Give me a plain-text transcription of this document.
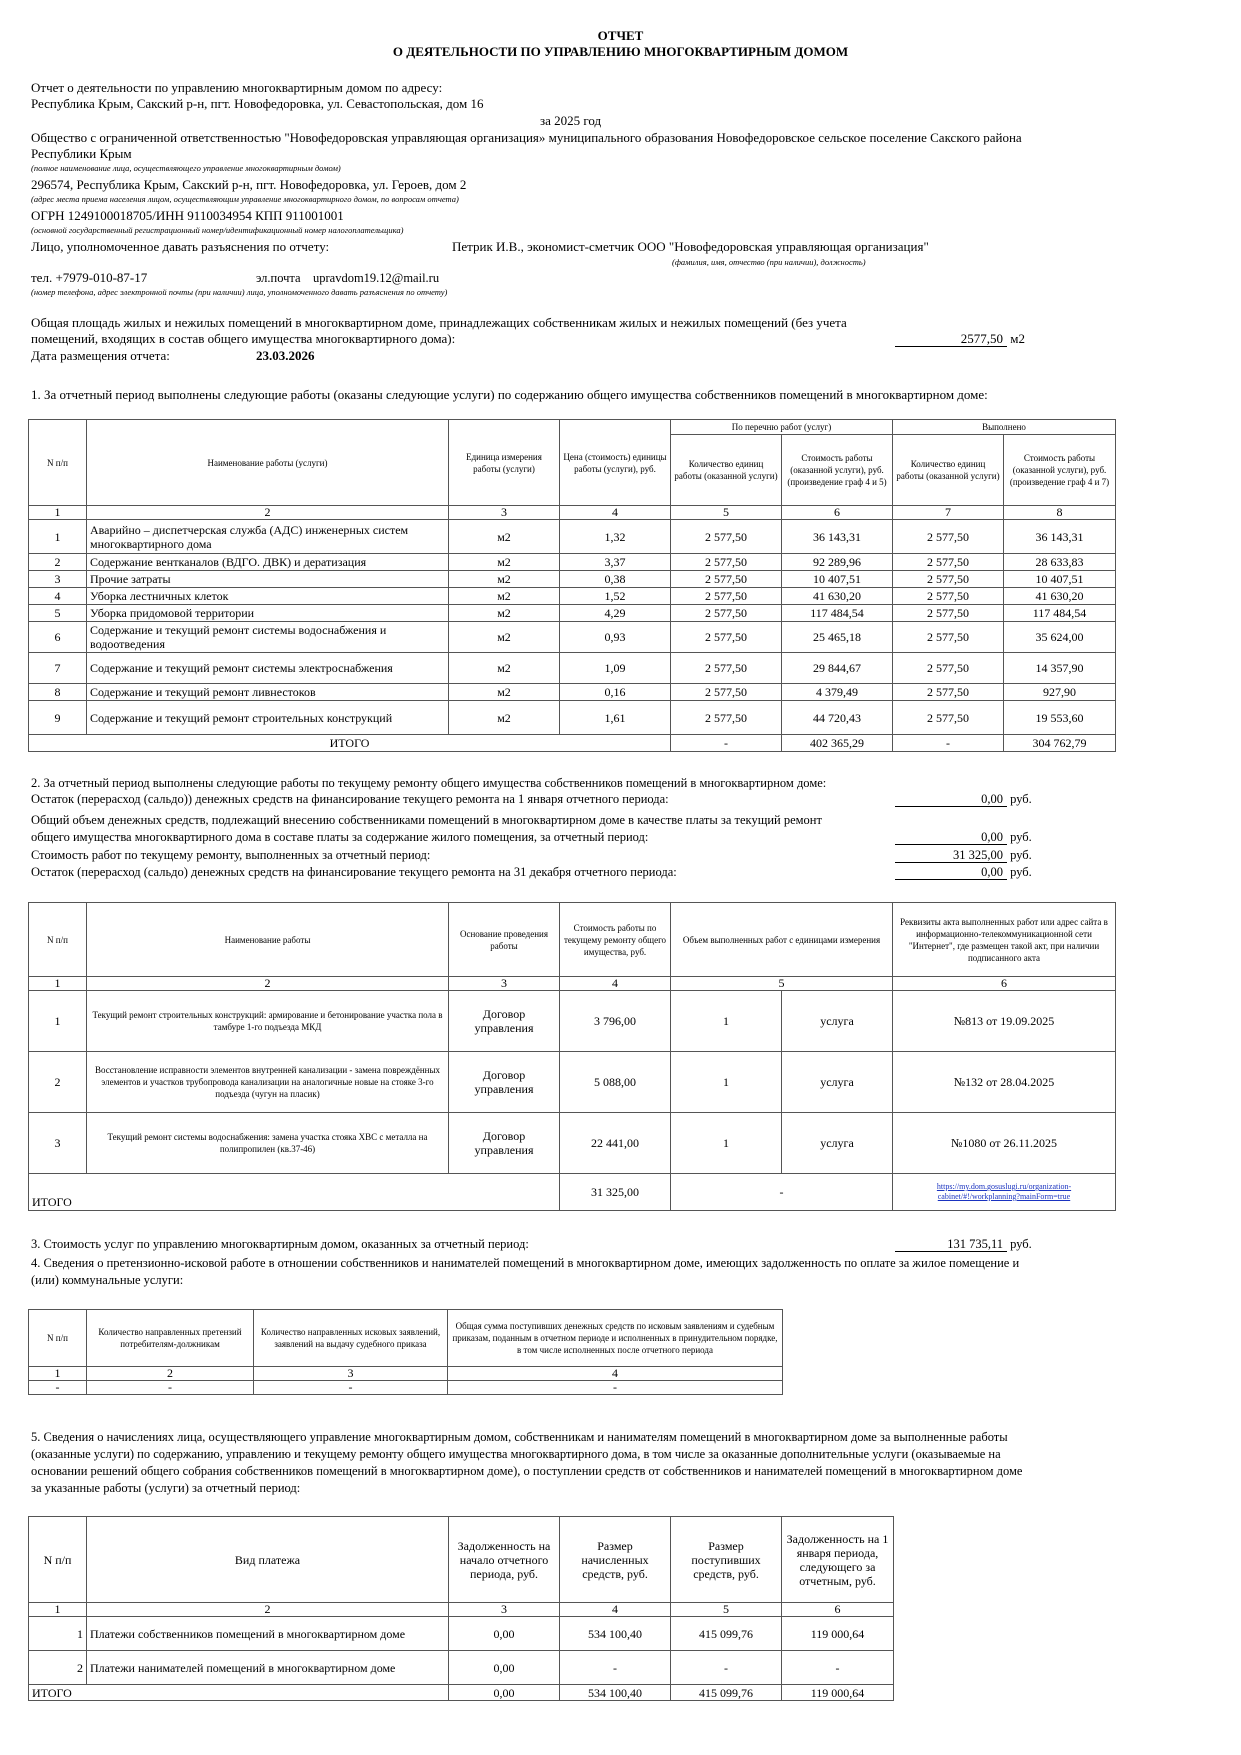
ОТЧЕТ
О ДЕЯТЕЛЬНОСТИ ПО УПРАВЛЕНИЮ МНОГОКВАРТИРНЫМ ДОМОМ
Отчет о деятельности по управлению многоквартирным домом по адресу:
Республика Крым, Сакский р-н, пгт. Новофедоровка, ул. Севастопольская, дом 16
за 2025 год
Общество с ограниченной ответственностью "Новофедоровская управляющая организация» муниципального образования Новофедоровское сельское поселение Сакского района
Республики Крым
(полное наименование лица, осуществляющего управление многоквартирным домом)
296574, Республика Крым, Сакский р-н, пгт. Новофедоровка, ул. Героев, дом 2
(адрес места приема населения лицом, осуществляющим управление многоквартирного домом, по вопросам отчета)
ОГРН 1249100018705/ИНН 9110034954 КПП 911001001
(основной государственный регистрационный номер/идентификационный номер налогоплательщика)
Лицо, уполномоченное давать разъяснения по отчету:	Петрик И.В., экономист-сметчик ООО "Новофедоровская управляющая организация"
(фамилия, имя, отчество (при наличии), должность)
тел. +7979-010-87-17	эл.почта upravdom19.12@mail.ru
(номер телефона, адрес электронной почты (при наличии) лица, уполномоченного давать разъяснения по отчету)
Общая площадь жилых и нежилых помещений в многоквартирном доме, принадлежащих собственникам жилых и нежилых помещений (без учета
помещений, входящих в состав общего имущества многоквартирного дома):	2577,50 м2
Дата размещения отчета:	23.03.2026
1. За отчетный период выполнены следующие работы (оказаны следующие услуги) по содержанию общего имущества собственников помещений в многоквартирном доме:
N п/п	Наименование работы (услуги)	Единица измерения работы (услуги)	Цена (стоимость) единицы работы (услуги), руб.	По перечню работ (услуг)		Выполнено	
				Количество единиц работы (оказанной услуги)	Стоимость работы (оказанной услуги), руб. (произведение граф 4 и 5)	Количество единиц работы (оказанной услуги)	Стоимость работы (оказанной услуги), руб. (произведение граф 4 и 7)
1	2	3	4	5	6	7	8
1	Аварийно – диспетчерская служба (АДС) инженерных систем многоквартирного дома	м2	1,32	2 577,50	36 143,31	2 577,50	36 143,31
2	Содержание вентканалов (ВДГО. ДВК) и дератизация	м2	3,37	2 577,50	92 289,96	2 577,50	28 633,83
3	Прочие затраты	м2	0,38	2 577,50	10 407,51	2 577,50	10 407,51
4	Уборка лестничных клеток	м2	1,52	2 577,50	41 630,20	2 577,50	41 630,20
5	Уборка придомовой территории	м2	4,29	2 577,50	117 484,54	2 577,50	117 484,54
6	Содержание и текущий ремонт системы водоснабжения и водоотведения	м2	0,93	2 577,50	25 465,18	2 577,50	35 624,00
7	Содержание и текущий ремонт системы электроснабжения	м2	1,09	2 577,50	29 844,67	2 577,50	14 357,90
8	Содержание и текущий ремонт ливнестоков	м2	0,16	2 577,50	4 379,49	2 577,50	927,90
9	Содержание и текущий ремонт строительных конструкций	м2	1,61	2 577,50	44 720,43	2 577,50	19 553,60
ИТОГО				-	402 365,29	-	304 762,79
2. За отчетный период выполнены следующие работы по текущему ремонту общего имущества собственников помещений в многоквартирном доме:
Остаток (перерасход (сальдо)) денежных средств на финансирование текущего ремонта на 1 января отчетного периода:	0,00 руб.
Общий объем денежных средств, подлежащий внесению собственниками помещений в многоквартирном доме в качестве платы за текущий ремонт
общего имущества многоквартирного дома в составе платы за содержание жилого помещения, за отчетный период:	0,00 руб.
Стоимость работ по текущему ремонту, выполненных за отчетный период:	31 325,00 руб.
Остаток (перерасход (сальдо) денежных средств на финансирование текущего ремонта на 31 декабря отчетного периода:	0,00 руб.
N п/п	Наименование работы	Основание проведения работы	Стоимость работы по текущему ремонту общего имущества, руб.	Объем выполненных работ с единицами измерения		Реквизиты акта выполненных работ или адрес сайта в информационно-телекоммуникационной сети "Интернет", где размещен такой акт, при наличии подписанного акта
1	2	3	4	5		6
1	Текущий ремонт строительных конструкций: армирование и бетонирование участка пола в тамбуре 1-го подъезда МКД	Договор управления	3 796,00	1	услуга	№813 от 19.09.2025
2	Восстановление исправности элементов внутренней канализации - замена повреждённых элементов и участков трубопровода канализации на аналогичные новые на стояке 3-го подъезда (чугун на пласик)	Договор управления	5 088,00	1	услуга	№132 от 28.04.2025
3	Текущий ремонт системы водоснабжения: замена участка стояка ХВС с металла на полипропилен (кв.37-46)	Договор управления	22 441,00	1	услуга	№1080 от 26.11.2025
ИТОГО			31 325,00	-		https://my.dom.gosuslugi.ru/organization-cabinet/#!/workplanning?mainForm=true
3. Стоимость услуг по управлению многоквартирным домом, оказанных за отчетный период:	131 735,11 руб.
4. Сведения о претензионно-исковой работе в отношении собственников и нанимателей помещений в многоквартирном доме, имеющих задолженность по оплате за жилое помещение и
(или) коммунальные услуги:
N п/п	Количество направленных претензий потребителям-должникам	Количество направленных исковых заявлений, заявлений на выдачу судебного приказа	Общая сумма поступивших денежных средств по исковым заявлениям и судебным приказам, поданным в отчетном периоде и исполненных в принудительном порядке, в том числе исполненных после отчетного периода
1	2	3	4
-	-	-	-
5. Сведения о начислениях лица, осуществляющего управление многоквартирным домом, собственникам и нанимателям помещений в многоквартирном доме за выполненные работы
(оказанные услуги) по содержанию, управлению и текущему ремонту общего имущества многоквартирного дома, в том числе за оказанные дополнительные услуги (оказываемые на
основании решений общего собрания собственников помещений в многоквартирном доме), о поступлении средств от собственников и нанимателей помещений в многоквартирном доме
за указанные работы (услуги) за отчетный период:
N п/п	Вид платежа	Задолженность на начало отчетного периода, руб.	Размер начисленных средств, руб.	Размер поступивших средств, руб.	Задолженность на 1 января периода, следующего за отчетным, руб.
1	2	3	4	5	6
1	Платежи собственников помещений в многоквартирном доме	0,00	534 100,40	415 099,76	119 000,64
2	Платежи нанимателей помещений в многоквартирном доме	0,00	-	-	-
ИТОГО		0,00	534 100,40	415 099,76	119 000,64
